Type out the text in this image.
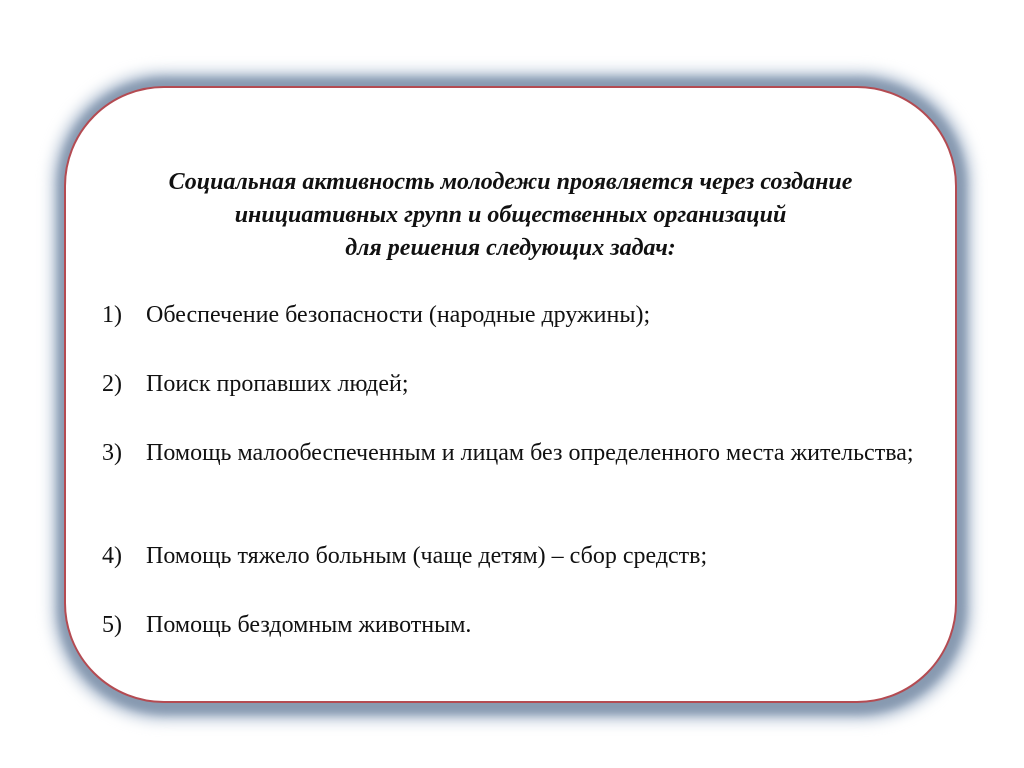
Социальная активность молодежи проявляется через создание
инициативных групп и общественных организаций
для решения следующих задач:
1)	Обеспечение безопасности (народные дружины);
2)	Поиск пропавших людей;
3)	Помощь малообеспеченным и лицам без определенного места жительства;
4)	Помощь тяжело больным (чаще детям) – сбор средств;
5)	Помощь бездомным животным.
